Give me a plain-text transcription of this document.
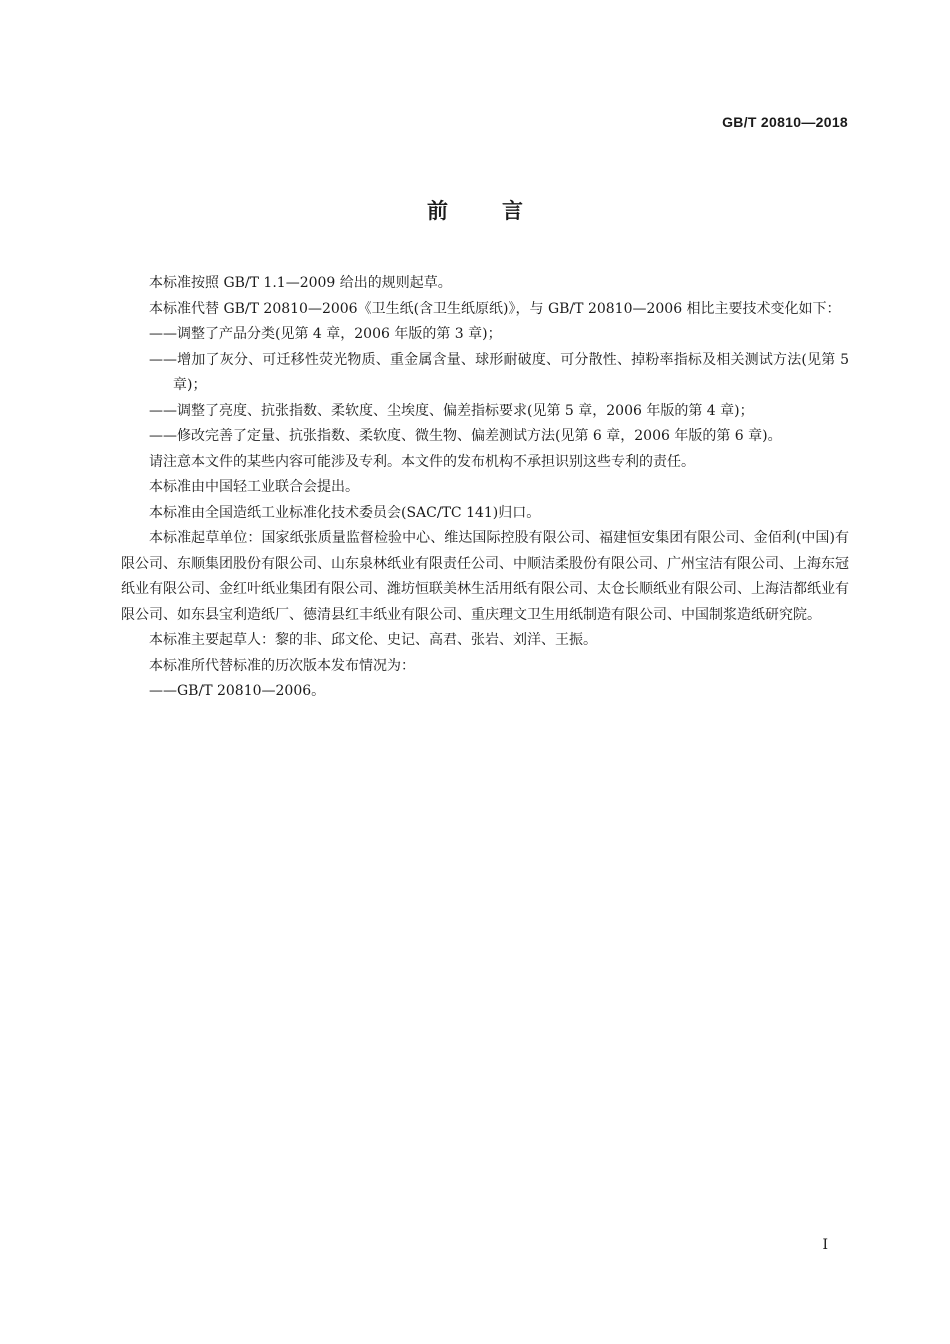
GB/T 20810—2018
前	言

本标准按照 GB/T 1.1—2009 给出的规则起草。

本标准代替 GB/T 20810—2006《卫生纸(含卫生纸原纸)》，与 GB/T 20810—2006 相比主要技术变化如下：

——调整了产品分类(见第 4 章，2006 年版的第 3 章)；

——增加了灰分、可迁移性荧光物质、重金属含量、球形耐破度、可分散性、掉粉率指标及相关测试方法(见第 5 章)；

——调整了亮度、抗张指数、柔软度、尘埃度、偏差指标要求(见第 5 章，2006 年版的第 4 章)；

——修改完善了定量、抗张指数、柔软度、微生物、偏差测试方法(见第 6 章，2006 年版的第 6 章)。

请注意本文件的某些内容可能涉及专利。本文件的发布机构不承担识别这些专利的责任。

本标准由中国轻工业联合会提出。

本标准由全国造纸工业标准化技术委员会(SAC/TC 141)归口。

本标准起草单位：国家纸张质量监督检验中心、维达国际控股有限公司、福建恒安集团有限公司、金佰利(中国)有限公司、东顺集团股份有限公司、山东泉林纸业有限责任公司、中顺洁柔股份有限公司、广州宝洁有限公司、上海东冠纸业有限公司、金红叶纸业集团有限公司、潍坊恒联美林生活用纸有限公司、太仓长顺纸业有限公司、上海洁都纸业有限公司、如东县宝利造纸厂、德清县红丰纸业有限公司、重庆理文卫生用纸制造有限公司、中国制浆造纸研究院。

本标准主要起草人：黎的非、邱文伦、史记、高君、张岩、刘洋、王振。

本标准所代替标准的历次版本发布情况为：

——GB/T 20810—2006。

I
